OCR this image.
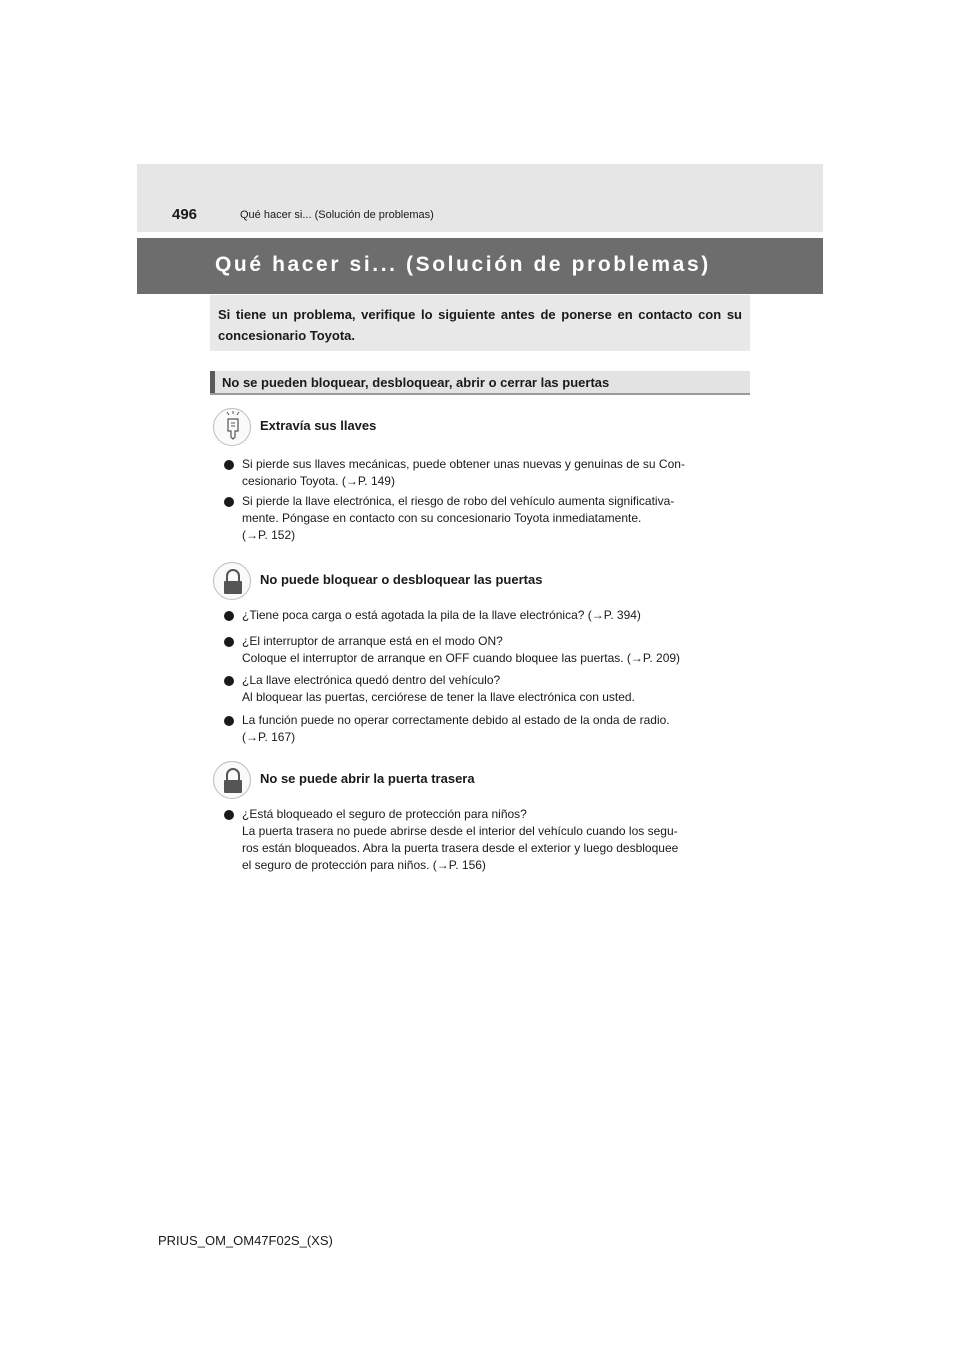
496	Qué hacer si... (Solución de problemas)
Qué hacer si... (Solución de problemas)
Si tiene un problema, verifique lo siguiente antes de ponerse en contacto con su concesionario Toyota.
No se pueden bloquear, desbloquear, abrir o cerrar las puertas
Extravía sus llaves
Si pierde sus llaves mecánicas, puede obtener unas nuevas y genuinas de su Con-
cesionario Toyota. (→P. 149)
Si pierde la llave electrónica, el riesgo de robo del vehículo aumenta significativa-
mente. Póngase en contacto con su concesionario Toyota inmediatamente.
(→P. 152)
No puede bloquear o desbloquear las puertas
¿Tiene poca carga o está agotada la pila de la llave electrónica? (→P. 394)
¿El interruptor de arranque está en el modo ON?
Coloque el interruptor de arranque en OFF cuando bloquee las puertas. (→P. 209)
¿La llave electrónica quedó dentro del vehículo?
Al bloquear las puertas, cerciórese de tener la llave electrónica con usted.
La función puede no operar correctamente debido al estado de la onda de radio.
(→P. 167)
No se puede abrir la puerta trasera
¿Está bloqueado el seguro de protección para niños?
La puerta trasera no puede abrirse desde el interior del vehículo cuando los segu-
ros están bloqueados. Abra la puerta trasera desde el exterior y luego desbloquee
el seguro de protección para niños. (→P. 156)
PRIUS_OM_OM47F02S_(XS)
